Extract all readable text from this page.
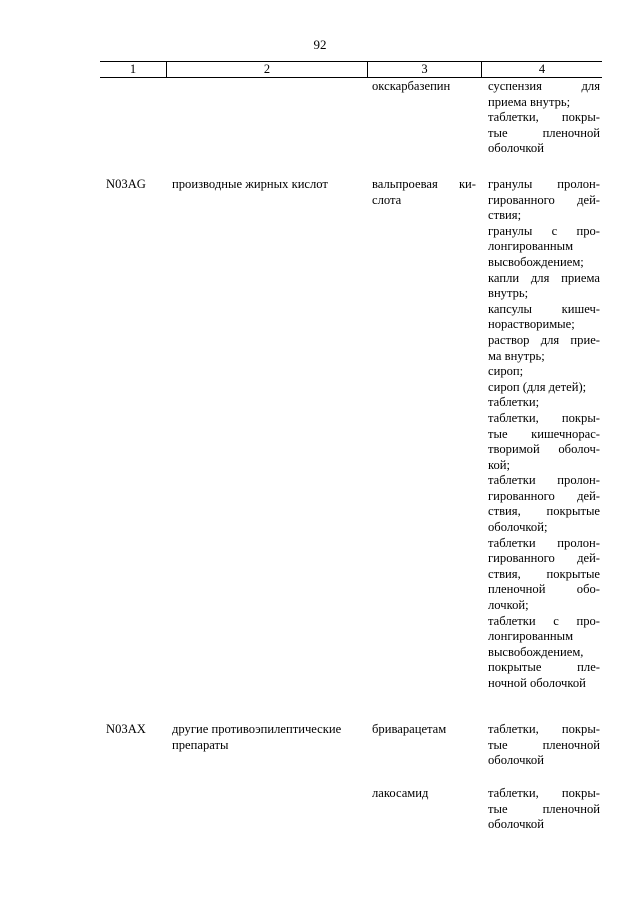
92
1	2	3	4
окскарбазепин	суспензия для
приема внутрь;
таблетки, покры-
тые пленочной
оболочкой
N03AG	производные жирных кислот	вальпроевая ки-
слота
гранулы пролон-
гированного дей-
ствия;
гранулы с про-
лонгированным
высвобождением;
капли для приема
внутрь;
капсулы кишеч-
норастворимые;
раствор для прие-
ма внутрь;
сироп;
сироп (для детей);
таблетки;
таблетки, покры-
тые кишечнорас-
творимой оболоч-
кой;
таблетки пролон-
гированного дей-
ствия, покрытые
оболочкой;
таблетки пролон-
гированного дей-
ствия, покрытые
пленочной обо-
лочкой;
таблетки с про-
лонгированным
высвобождением,
покрытые пле-
ночной оболочкой
N03AX	другие противоэпилептические
препараты
бриварацетам	таблетки, покры-
тые пленочной
оболочкой
лакосамид	таблетки, покры-
тые пленочной
оболочкой
